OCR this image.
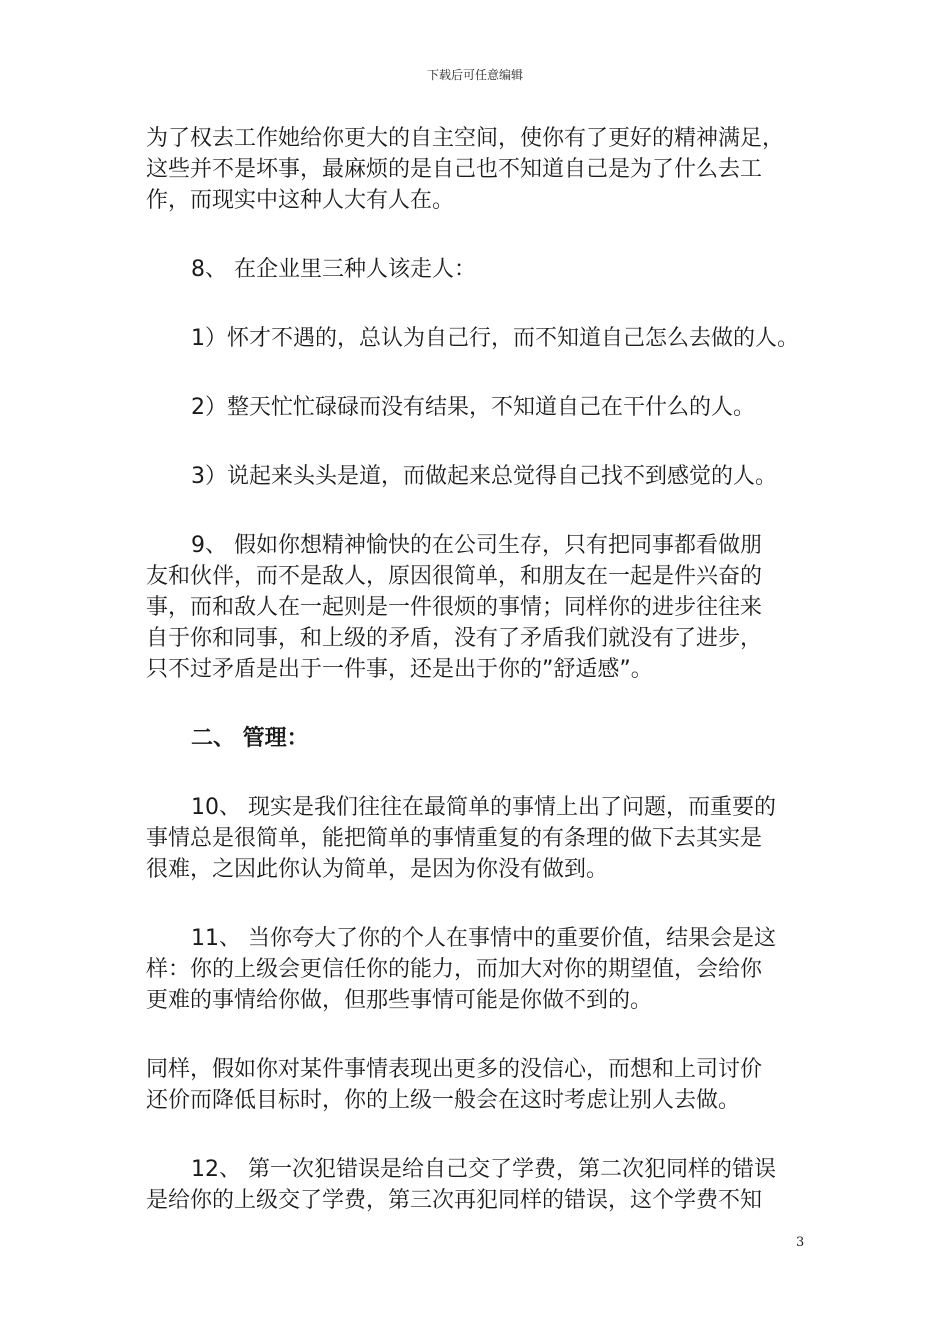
下载后可任意编辑

为了权去工作她给你更大的自主空间，使你有了更好的精神满足，
这些并不是坏事，最麻烦的是自己也不知道自己是为了什么去工
作，而现实中这种人大有人在。

8、 在企业里三种人该走人：

1）怀才不遇的，总认为自己行，而不知道自己怎么去做的人。

2）整天忙忙碌碌而没有结果，不知道自己在干什么的人。

3）说起来头头是道，而做起来总觉得自己找不到感觉的人。

9、 假如你想精神愉快的在公司生存，只有把同事都看做朋
友和伙伴，而不是敌人，原因很简单，和朋友在一起是件兴奋的
事，而和敌人在一起则是一件很烦的事情；同样你的进步往往来
自于你和同事，和上级的矛盾，没有了矛盾我们就没有了进步，
只不过矛盾是出于一件事，还是出于你的”舒适感”。

二、 管理：

10、 现实是我们往往在最简单的事情上出了问题，而重要的
事情总是很简单，能把简单的事情重复的有条理的做下去其实是
很难，之因此你认为简单，是因为你没有做到。

11、 当你夸大了你的个人在事情中的重要价值，结果会是这
样：你的上级会更信任你的能力，而加大对你的期望值，会给你
更难的事情给你做，但那些事情可能是你做不到的。

同样，假如你对某件事情表现出更多的没信心，而想和上司讨价
还价而降低目标时，你的上级一般会在这时考虑让别人去做。

12、 第一次犯错误是给自己交了学费，第二次犯同样的错误
是给你的上级交了学费，第三次再犯同样的错误，这个学费不知

3
